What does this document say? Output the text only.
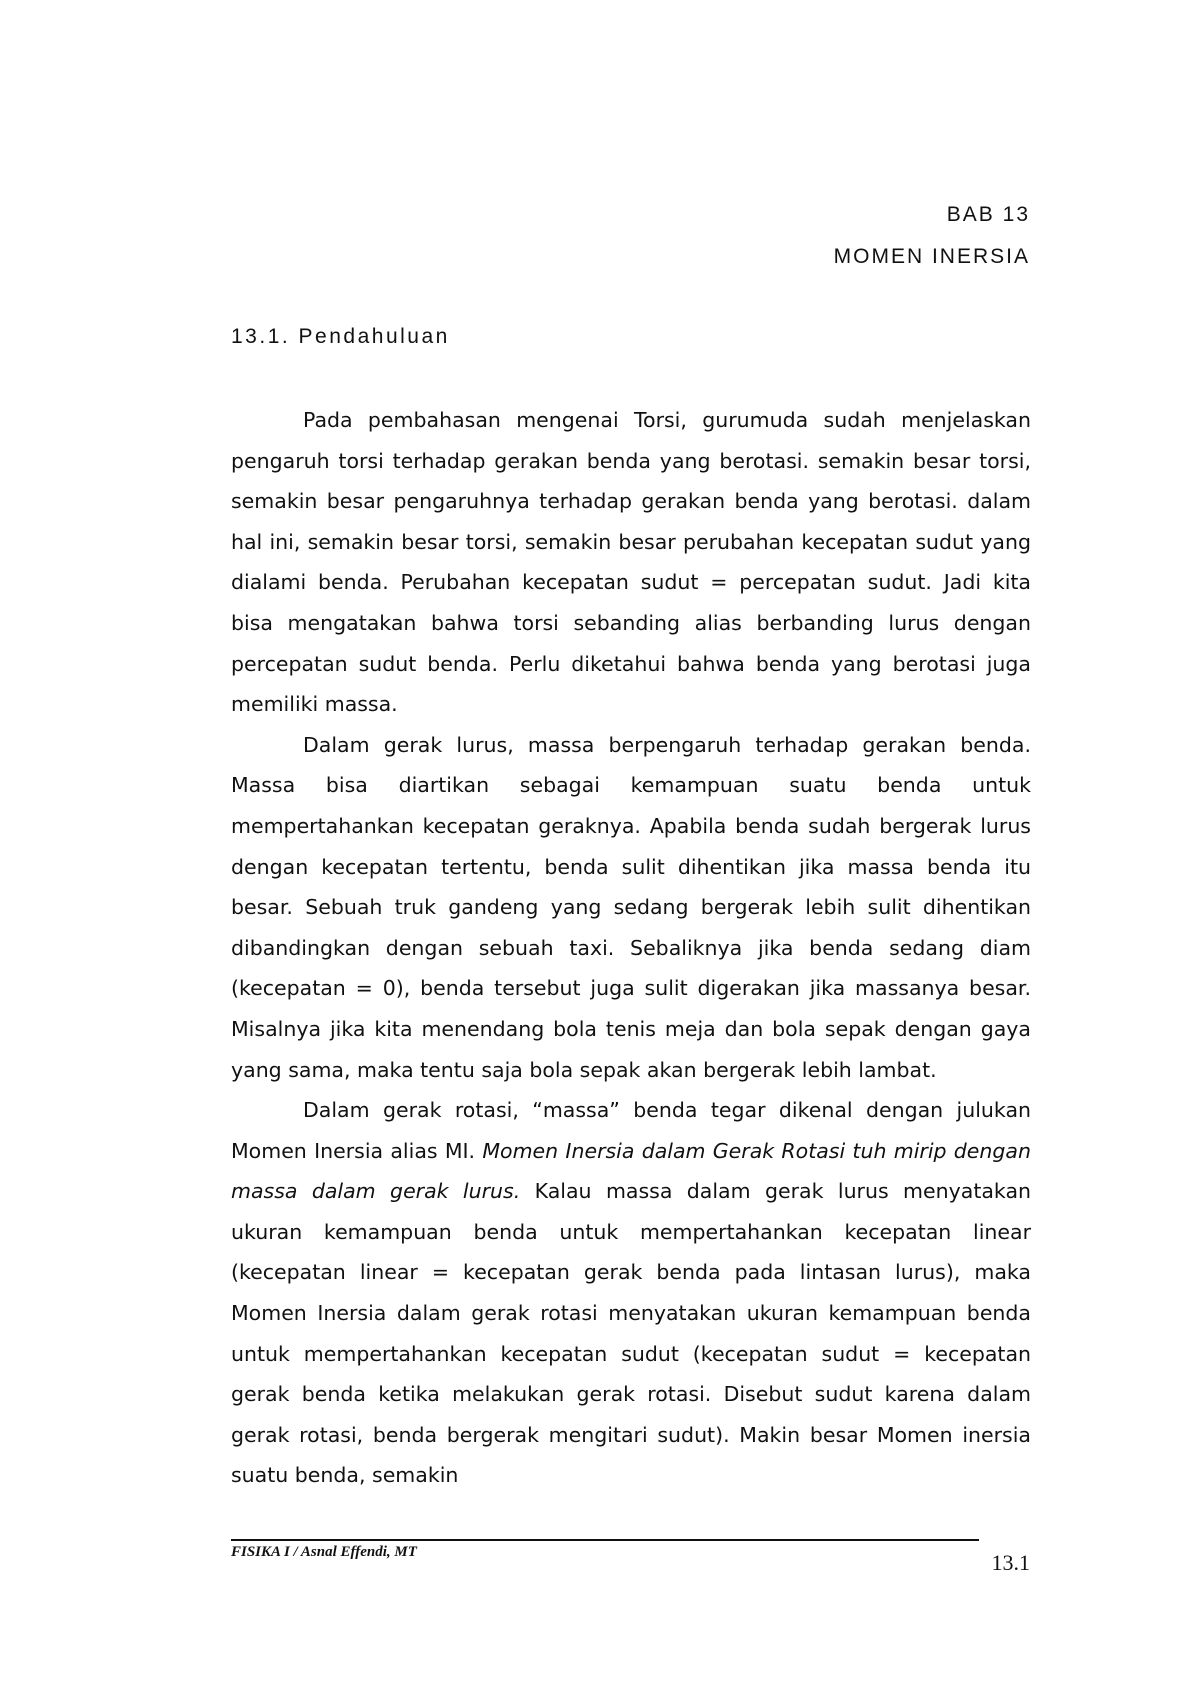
BAB 13
MOMEN INERSIA
13.1. Pendahuluan

Pada pembahasan mengenai Torsi, gurumuda sudah menjelaskan pengaruh torsi terhadap gerakan benda yang berotasi. semakin besar torsi, semakin besar pengaruhnya terhadap gerakan benda yang berotasi. dalam hal ini, semakin besar torsi, semakin besar perubahan kecepatan sudut yang dialami benda. Perubahan kecepatan sudut = percepatan sudut. Jadi kita bisa mengatakan bahwa torsi sebanding alias berbanding lurus dengan percepatan sudut benda. Perlu diketahui bahwa benda yang berotasi juga memiliki massa.

Dalam gerak lurus, massa berpengaruh terhadap gerakan benda. Massa bisa diartikan sebagai kemampuan suatu benda untuk mempertahankan kecepatan geraknya. Apabila benda sudah bergerak lurus dengan kecepatan tertentu, benda sulit dihentikan jika massa benda itu besar. Sebuah truk gandeng yang sedang bergerak lebih sulit dihentikan dibandingkan dengan sebuah taxi. Sebaliknya jika benda sedang diam (kecepatan = 0), benda tersebut juga sulit digerakan jika massanya besar. Misalnya jika kita menendang bola tenis meja dan bola sepak dengan gaya yang sama, maka tentu saja bola sepak akan bergerak lebih lambat.

Dalam gerak rotasi, “massa” benda tegar dikenal dengan julukan Momen Inersia alias MI. Momen Inersia dalam Gerak Rotasi tuh mirip dengan massa dalam gerak lurus. Kalau massa dalam gerak lurus menyatakan ukuran kemampuan benda untuk mempertahankan kecepatan linear (kecepatan linear = kecepatan gerak benda pada lintasan lurus), maka Momen Inersia dalam gerak rotasi menyatakan ukuran kemampuan benda untuk mempertahankan kecepatan sudut (kecepatan sudut = kecepatan gerak benda ketika melakukan gerak rotasi. Disebut sudut karena dalam gerak rotasi, benda bergerak mengitari sudut). Makin besar Momen inersia suatu benda, semakin

FISIKA I / Asnal Effendi, MT	13.1
